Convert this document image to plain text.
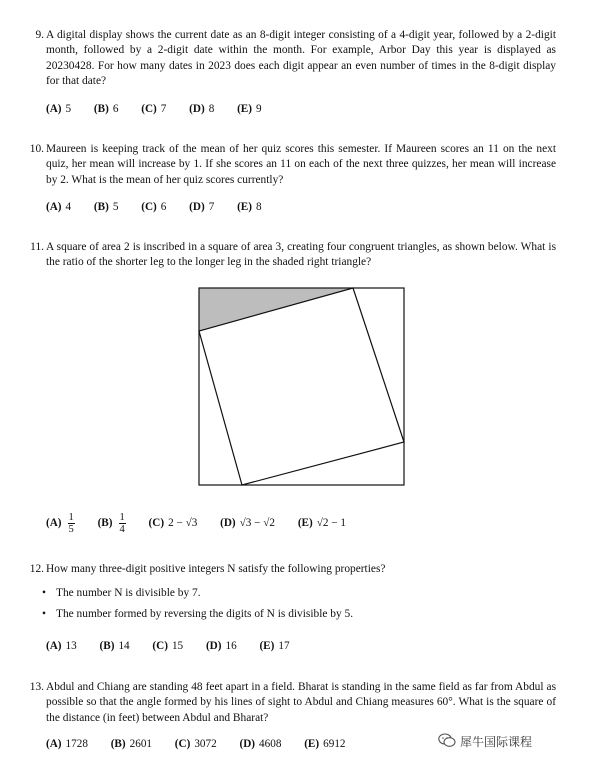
9. A digital display shows the current date as an 8-digit integer consisting of a 4-digit year, followed by a 2-digit month, followed by a 2-digit date within the month. For example, Arbor Day this year is displayed as 20230428. For how many dates in 2023 does each digit appear an even number of times in the 8-digit display for that date?
(A) 5 (B) 6 (C) 7 (D) 8 (E) 9
10. Maureen is keeping track of the mean of her quiz scores this semester. If Maureen scores an 11 on the next quiz, her mean will increase by 1. If she scores an 11 on each of the next three quizzes, her mean will increase by 2. What is the mean of her quiz scores currently?
(A) 4 (B) 5 (C) 6 (D) 7 (E) 8
11. A square of area 2 is inscribed in a square of area 3, creating four congruent triangles, as shown below. What is the ratio of the shorter leg to the longer leg in the shaded right triangle?
$(A) \frac{1}{5} (B) \frac{1}{4} (C) 2 - √3$ (D) √3 − √2 (E) √2 − 1
12. How many three-digit positive integers N satisfy the following properties?
• The number N is divisible by 7.
• The number formed by reversing the digits of N is divisible by 5.
(A) 13 (B) 14 (C) 15 (D) 16 (E) 17
13. Abdul and Chiang are standing 48 feet apart in a field. Bharat is standing in the same field as far from Abdul as possible so that the angle formed by his lines of sight to Abdul and Chiang measures 60°. What is the square of the distance (in feet) between Abdul and Bharat?
(A) 1728 (B) 2601 (C) 3072 (D) 4608 (E) 6912	犀牛国际课程
